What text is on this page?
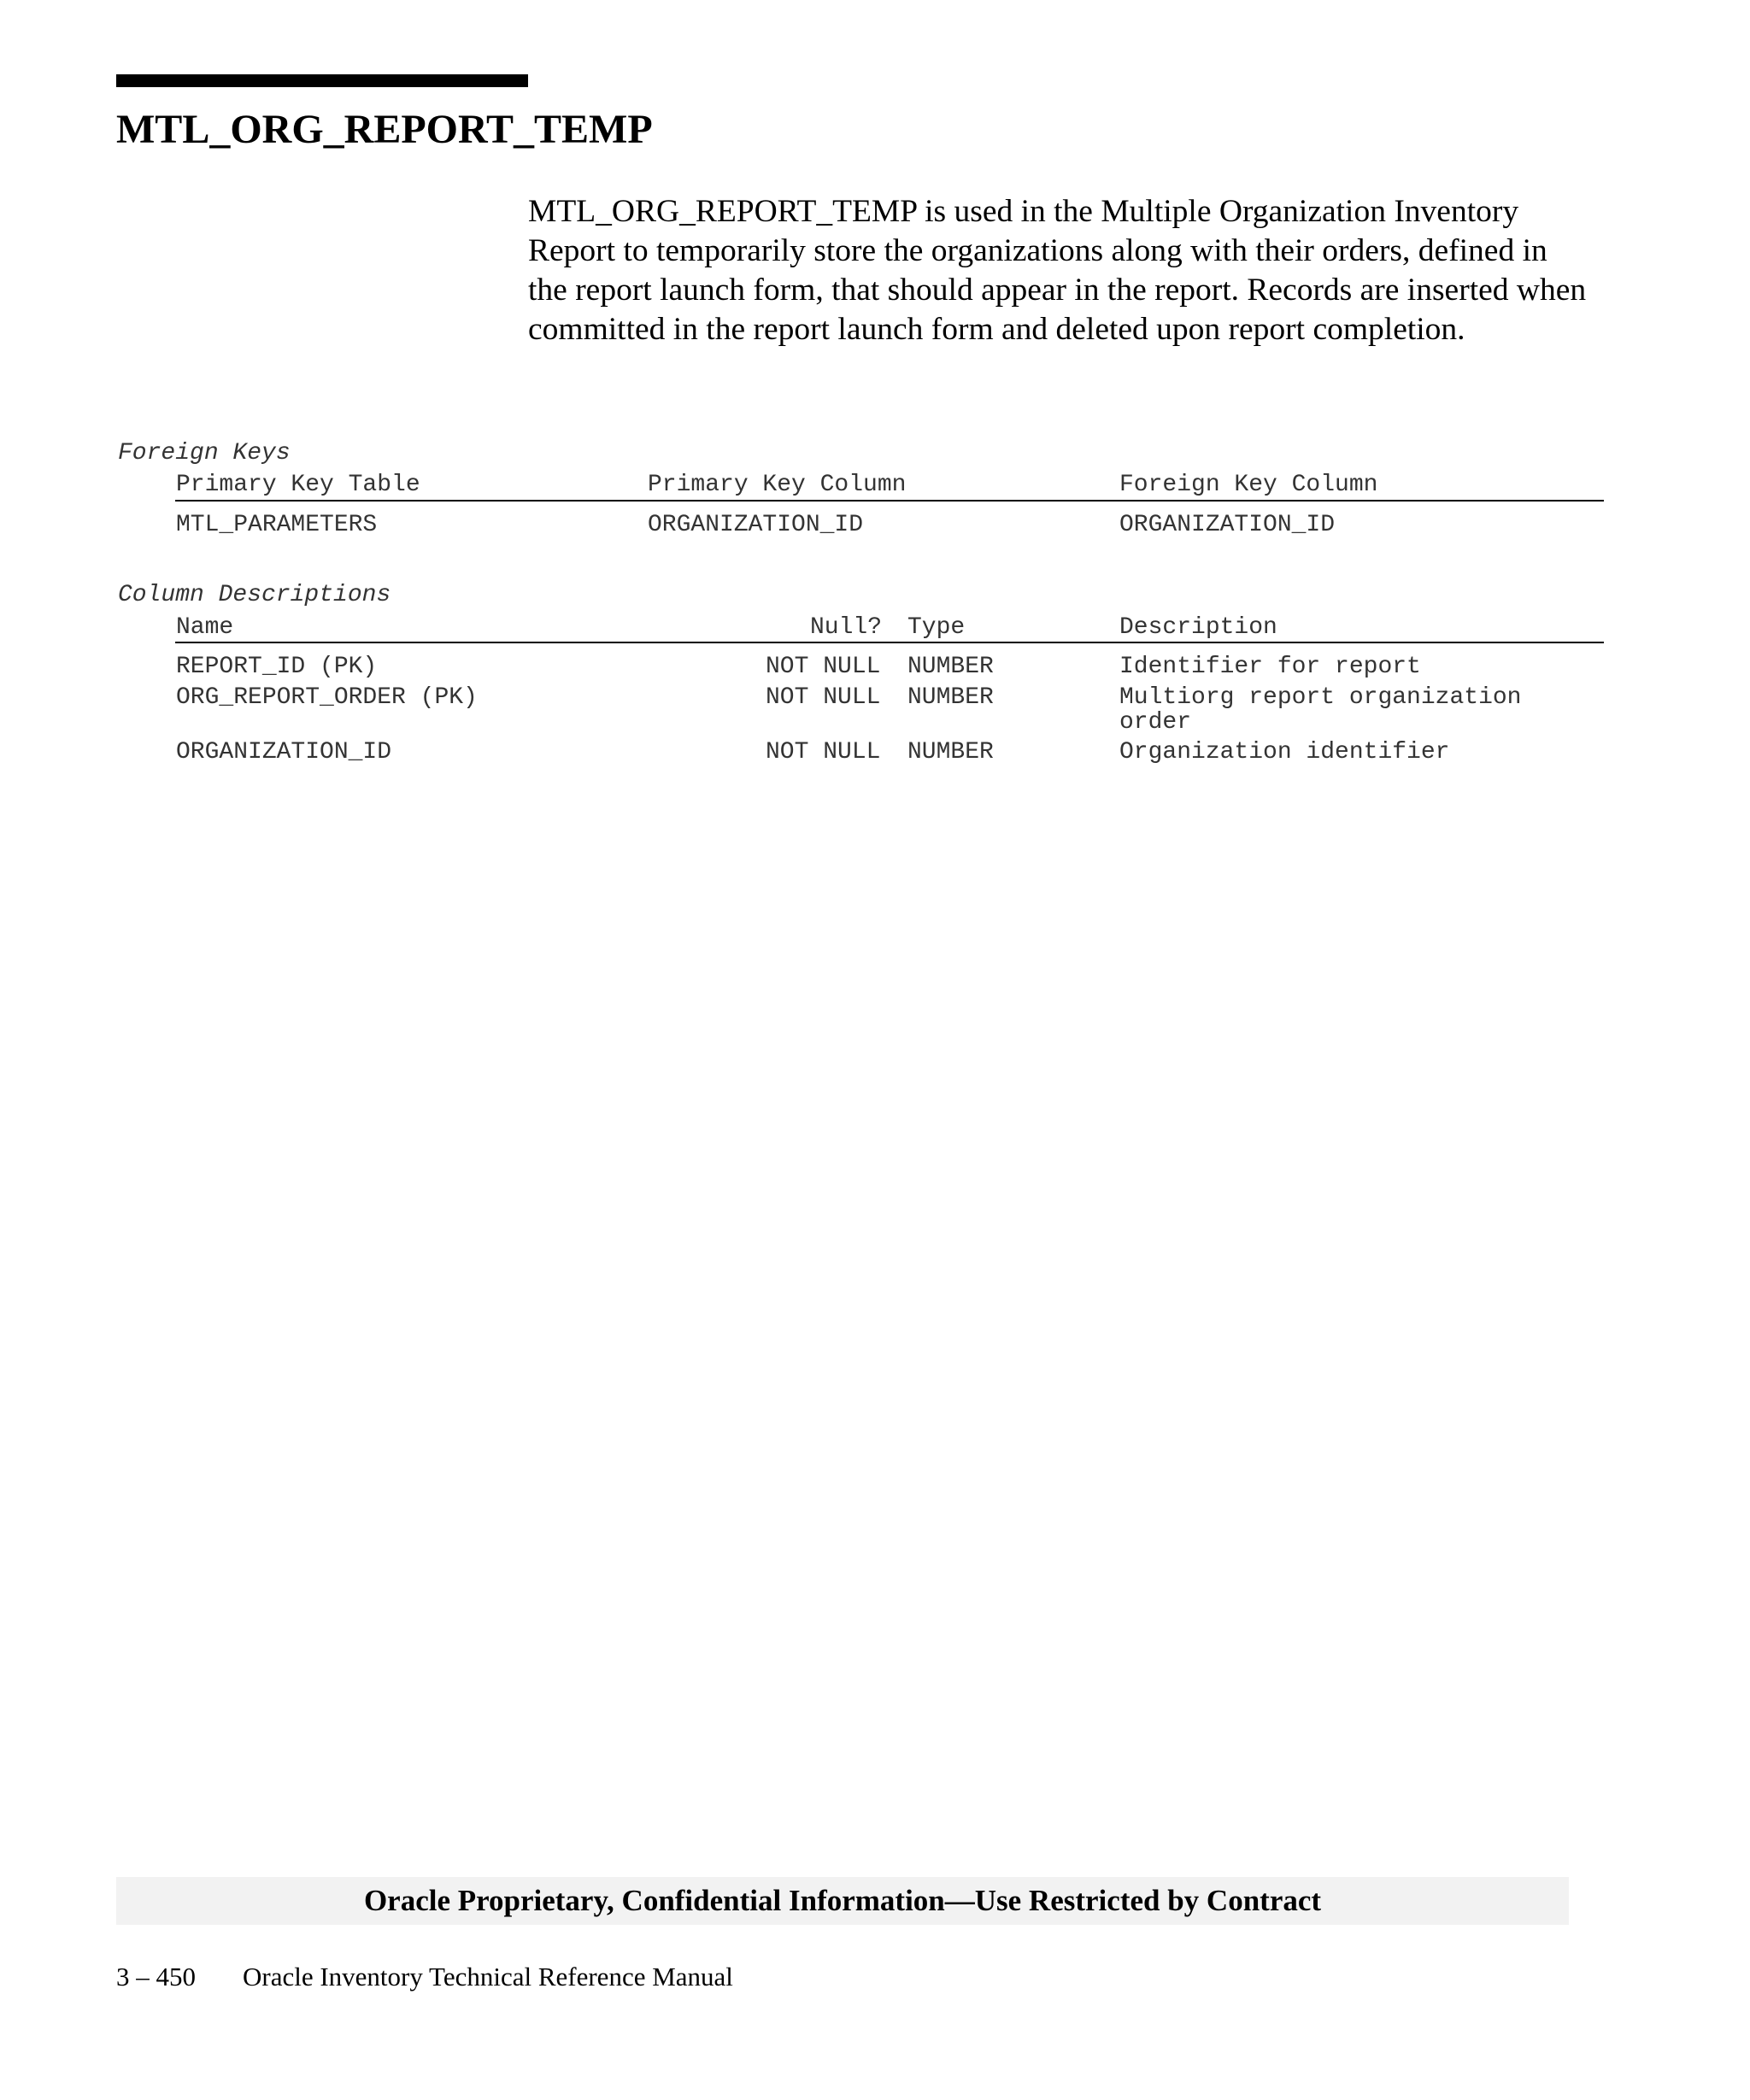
MTL_ORG_REPORT_TEMP

MTL_ORG_REPORT_TEMP is used in the Multiple Organization Inventory Report to temporarily store the organizations along with their orders, defined in the report launch form, that should appear in the report. Records are inserted when committed in the report launch form and deleted upon report completion.

Foreign Keys

Primary Key Table	Primary Key Column	Foreign Key Column
MTL_PARAMETERS	ORGANIZATION_ID	ORGANIZATION_ID

Column Descriptions

Name	Null? Type	Description
REPORT_ID (PK)	NOT NULL NUMBER	Identifier for report
ORG_REPORT_ORDER (PK)	NOT NULL NUMBER	Multiorg report organization order
ORGANIZATION_ID	NOT NULL NUMBER	Organization identifier

Oracle Proprietary, Confidential Information––Use Restricted by Contract

3 – 450 Oracle Inventory Technical Reference Manual
